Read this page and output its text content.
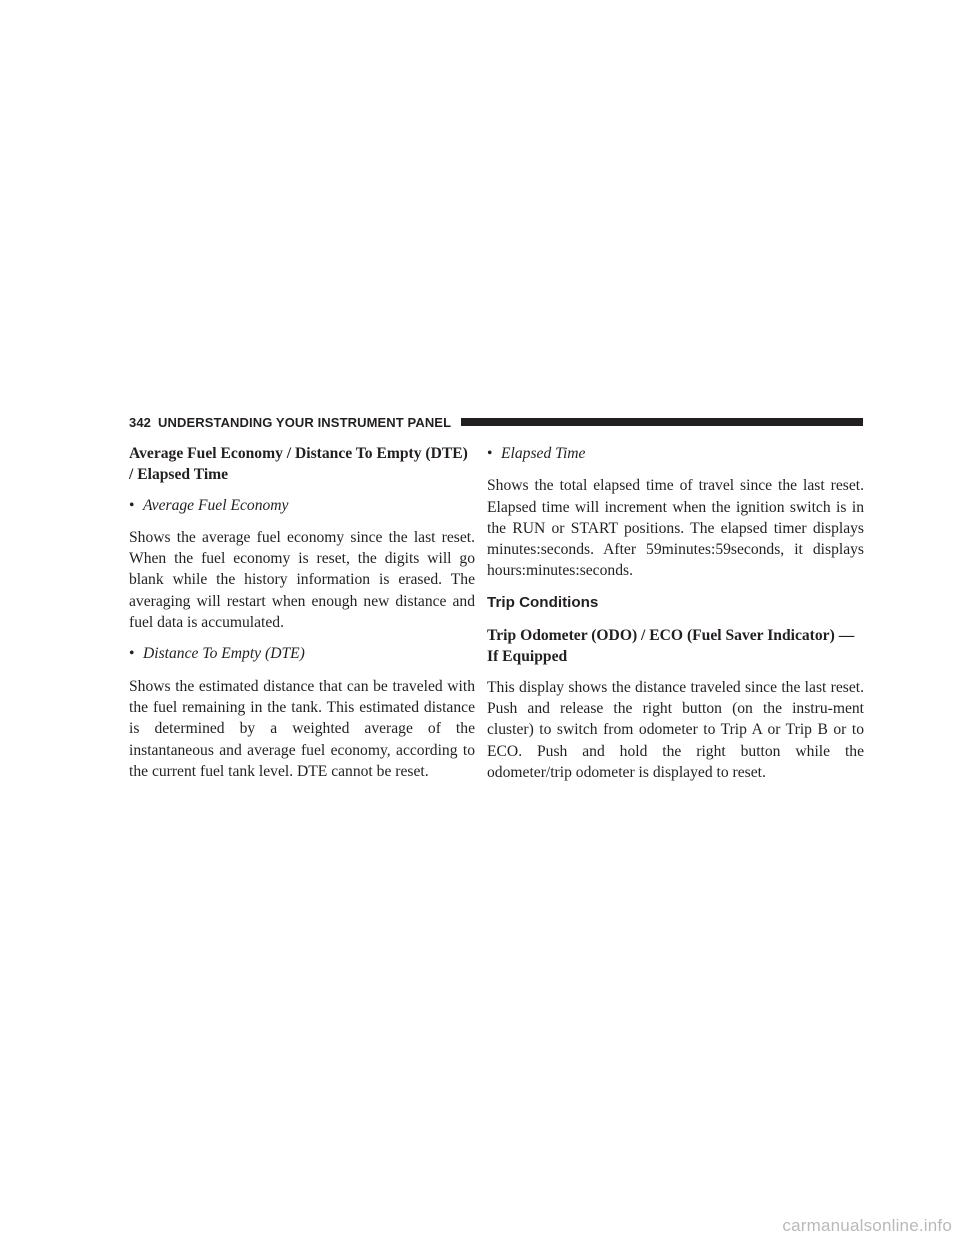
342 UNDERSTANDING YOUR INSTRUMENT PANEL
Average Fuel Economy / Distance To Empty (DTE) / Elapsed Time
• Average Fuel Economy

Shows the average fuel economy since the last reset. When the fuel economy is reset, the digits will go blank while the history information is erased. The averaging will restart when enough new distance and fuel data is accumulated.

• Distance To Empty (DTE)

Shows the estimated distance that can be traveled with the fuel remaining in the tank. This estimated distance is determined by a weighted average of the instantaneous and average fuel economy, according to the current fuel tank level. DTE cannot be reset.

• Elapsed Time

Shows the total elapsed time of travel since the last reset. Elapsed time will increment when the ignition switch is in the RUN or START positions. The elapsed timer displays minutes:seconds. After 59minutes:59seconds, it displays hours:minutes:seconds.

Trip Conditions
Trip Odometer (ODO) / ECO (Fuel Saver Indicator) — If Equipped

This display shows the distance traveled since the last reset. Push and release the right button (on the instru-ment cluster) to switch from odometer to Trip A or Trip B or to ECO. Push and hold the right button while the odometer/trip odometer is displayed to reset.

carmanualsonline.info
